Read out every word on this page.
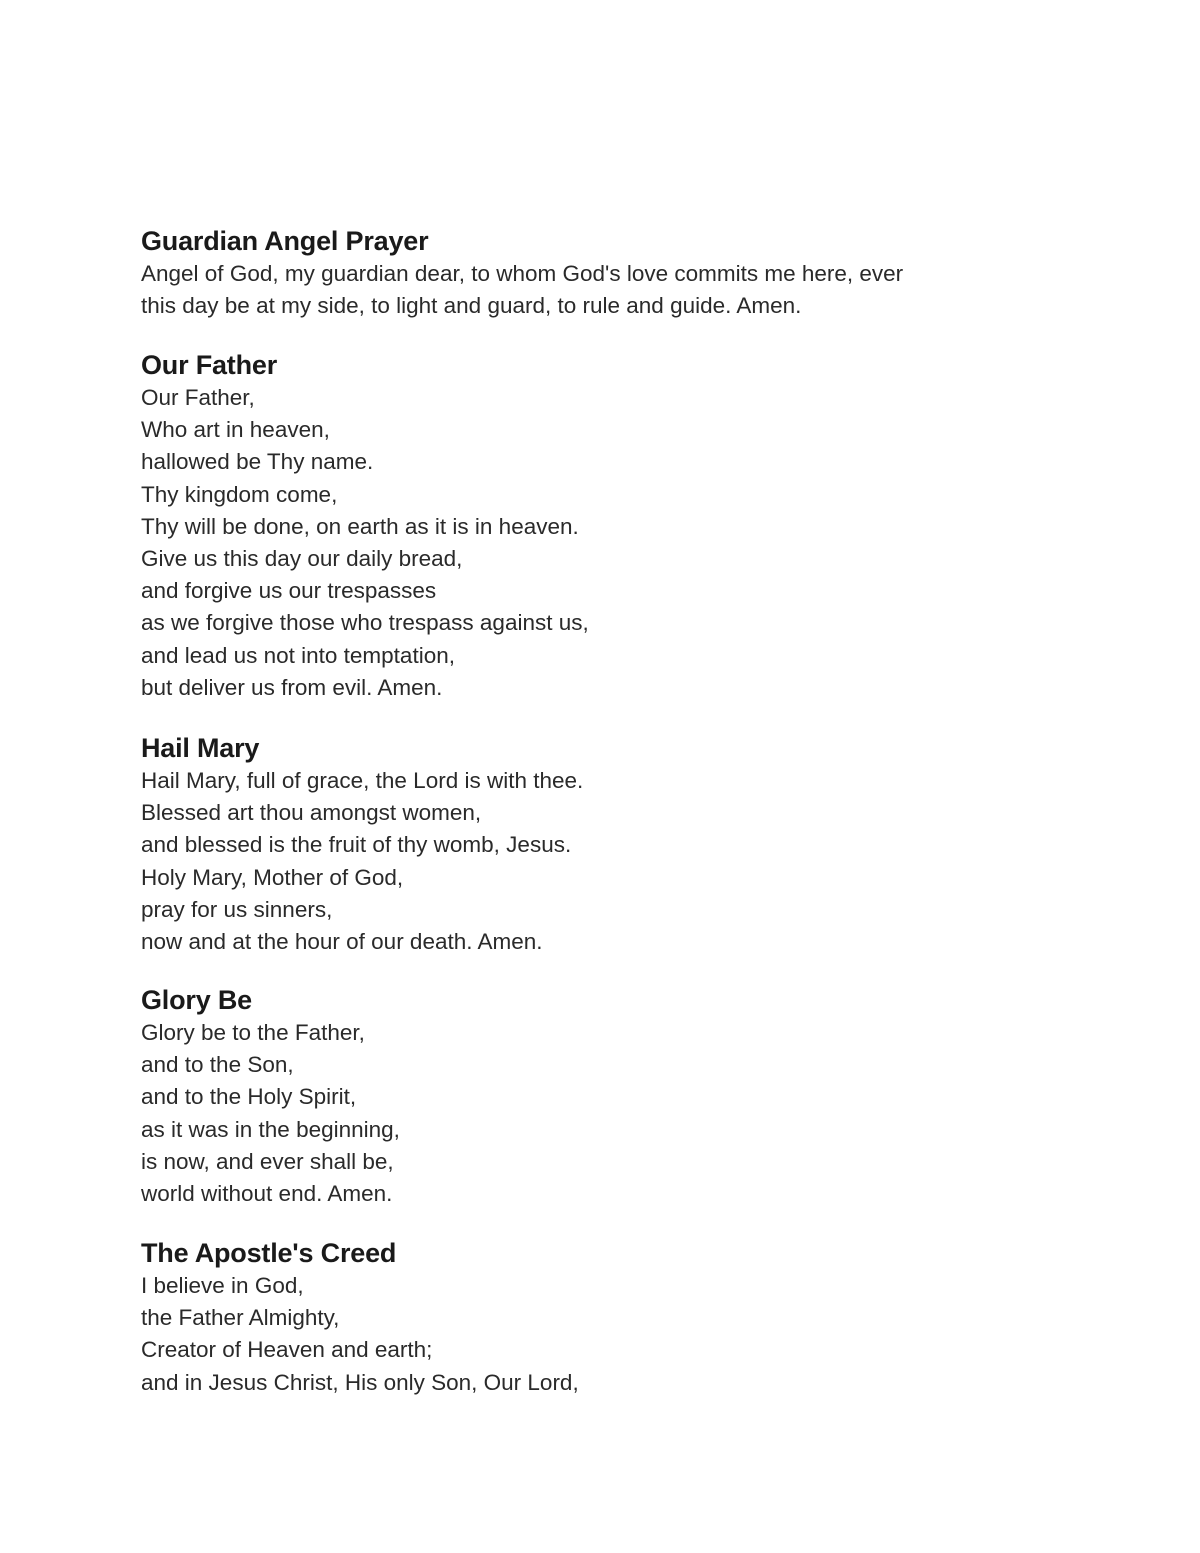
Guardian Angel Prayer
Angel of God, my guardian dear, to whom God's love commits me here, ever
this day be at my side, to light and guard, to rule and guide. Amen.
Our Father
Our Father,
Who art in heaven,
hallowed be Thy name.
Thy kingdom come,
Thy will be done, on earth as it is in heaven.
Give us this day our daily bread,
and forgive us our trespasses
as we forgive those who trespass against us,
and lead us not into temptation,
but deliver us from evil. Amen.
Hail Mary
Hail Mary, full of grace, the Lord is with thee.
Blessed art thou amongst women,
and blessed is the fruit of thy womb, Jesus.
Holy Mary, Mother of God,
pray for us sinners,
now and at the hour of our death. Amen.
Glory Be
Glory be to the Father,
and to the Son,
and to the Holy Spirit,
as it was in the beginning,
is now, and ever shall be,
world without end. Amen.
The Apostle's Creed
I believe in God,
the Father Almighty,
Creator of Heaven and earth;
and in Jesus Christ, His only Son, Our Lord,
